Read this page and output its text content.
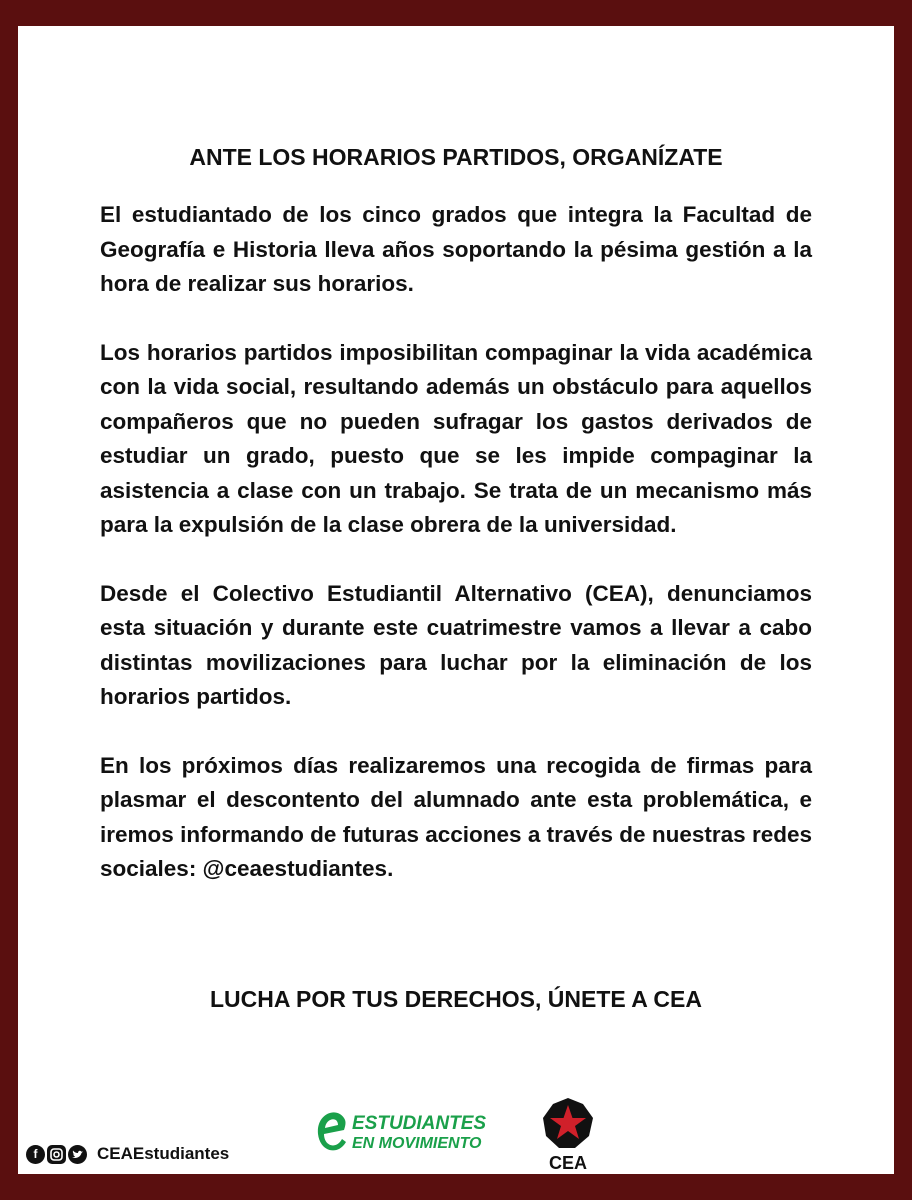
ANTE LOS HORARIOS PARTIDOS, ORGANÍZATE

El estudiantado de los cinco grados que integra la Facultad de Geografía e Historia lleva años soportando la pésima gestión a la hora de realizar sus horarios.

Los horarios partidos imposibilitan compaginar la vida académica con la vida social, resultando además un obstáculo para aquellos compañeros que no pueden sufragar los gastos derivados de estudiar un grado, puesto que se les impide compaginar la asistencia a clase con un trabajo. Se trata de un mecanismo más para la expulsión de la clase obrera de la universidad.

Desde el Colectivo Estudiantil Alternativo (CEA), denunciamos esta situación y durante este cuatrimestre vamos a llevar a cabo distintas movilizaciones para luchar por la eliminación de los horarios partidos.

En los próximos días realizaremos una recogida de firmas para plasmar el descontento del alumnado ante esta problemática, e iremos informando de futuras acciones a través de nuestras redes sociales: @ceaestudiantes.

LUCHA POR TUS DERECHOS, ÚNETE A CEA
f	CEAEstudiantes
ESTUDIANTES
EN MOVIMIENTO
CEA
